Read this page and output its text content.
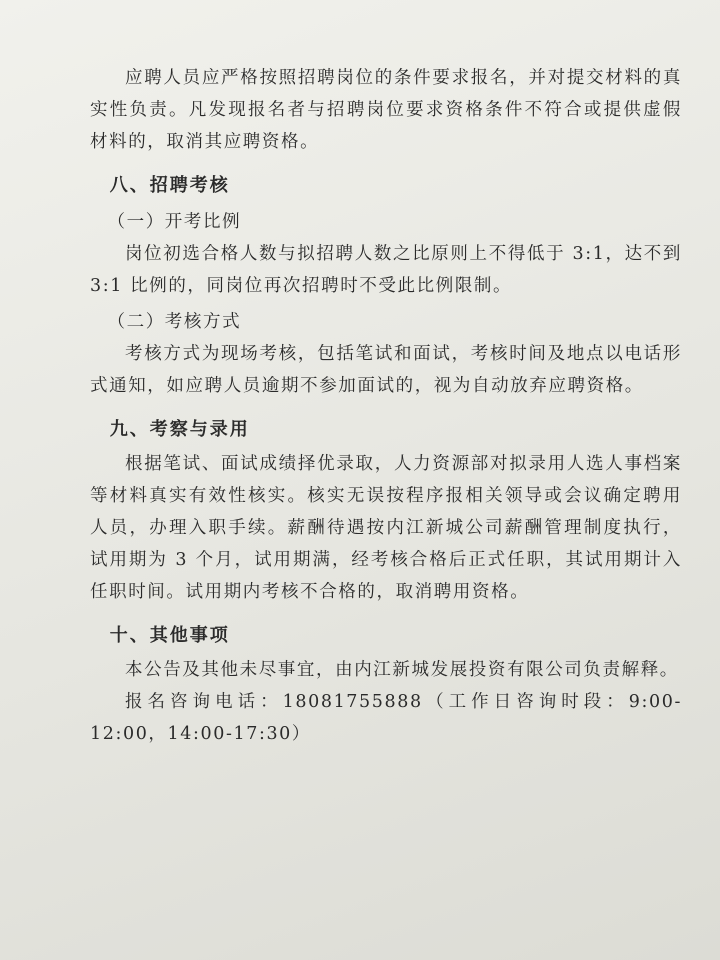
应聘人员应严格按照招聘岗位的条件要求报名，并对提交材料的真实性负责。凡发现报名者与招聘岗位要求资格条件不符合或提供虚假材料的，取消其应聘资格。

八、招聘考核

（一）开考比例

岗位初选合格人数与拟招聘人数之比原则上不得低于 3:1，达不到 3:1 比例的，同岗位再次招聘时不受此比例限制。

（二）考核方式

考核方式为现场考核，包括笔试和面试，考核时间及地点以电话形式通知，如应聘人员逾期不参加面试的，视为自动放弃应聘资格。

九、考察与录用

根据笔试、面试成绩择优录取，人力资源部对拟录用人选人事档案等材料真实有效性核实。核实无误按程序报相关领导或会议确定聘用人员，办理入职手续。薪酬待遇按内江新城公司薪酬管理制度执行，试用期为 3 个月，试用期满，经考核合格后正式任职，其试用期计入任职时间。试用期内考核不合格的，取消聘用资格。

十、其他事项

本公告及其他未尽事宜，由内江新城发展投资有限公司负责解释。

报名咨询电话：18081755888（工作日咨询时段：9:00-12:00，14:00-17:30）
